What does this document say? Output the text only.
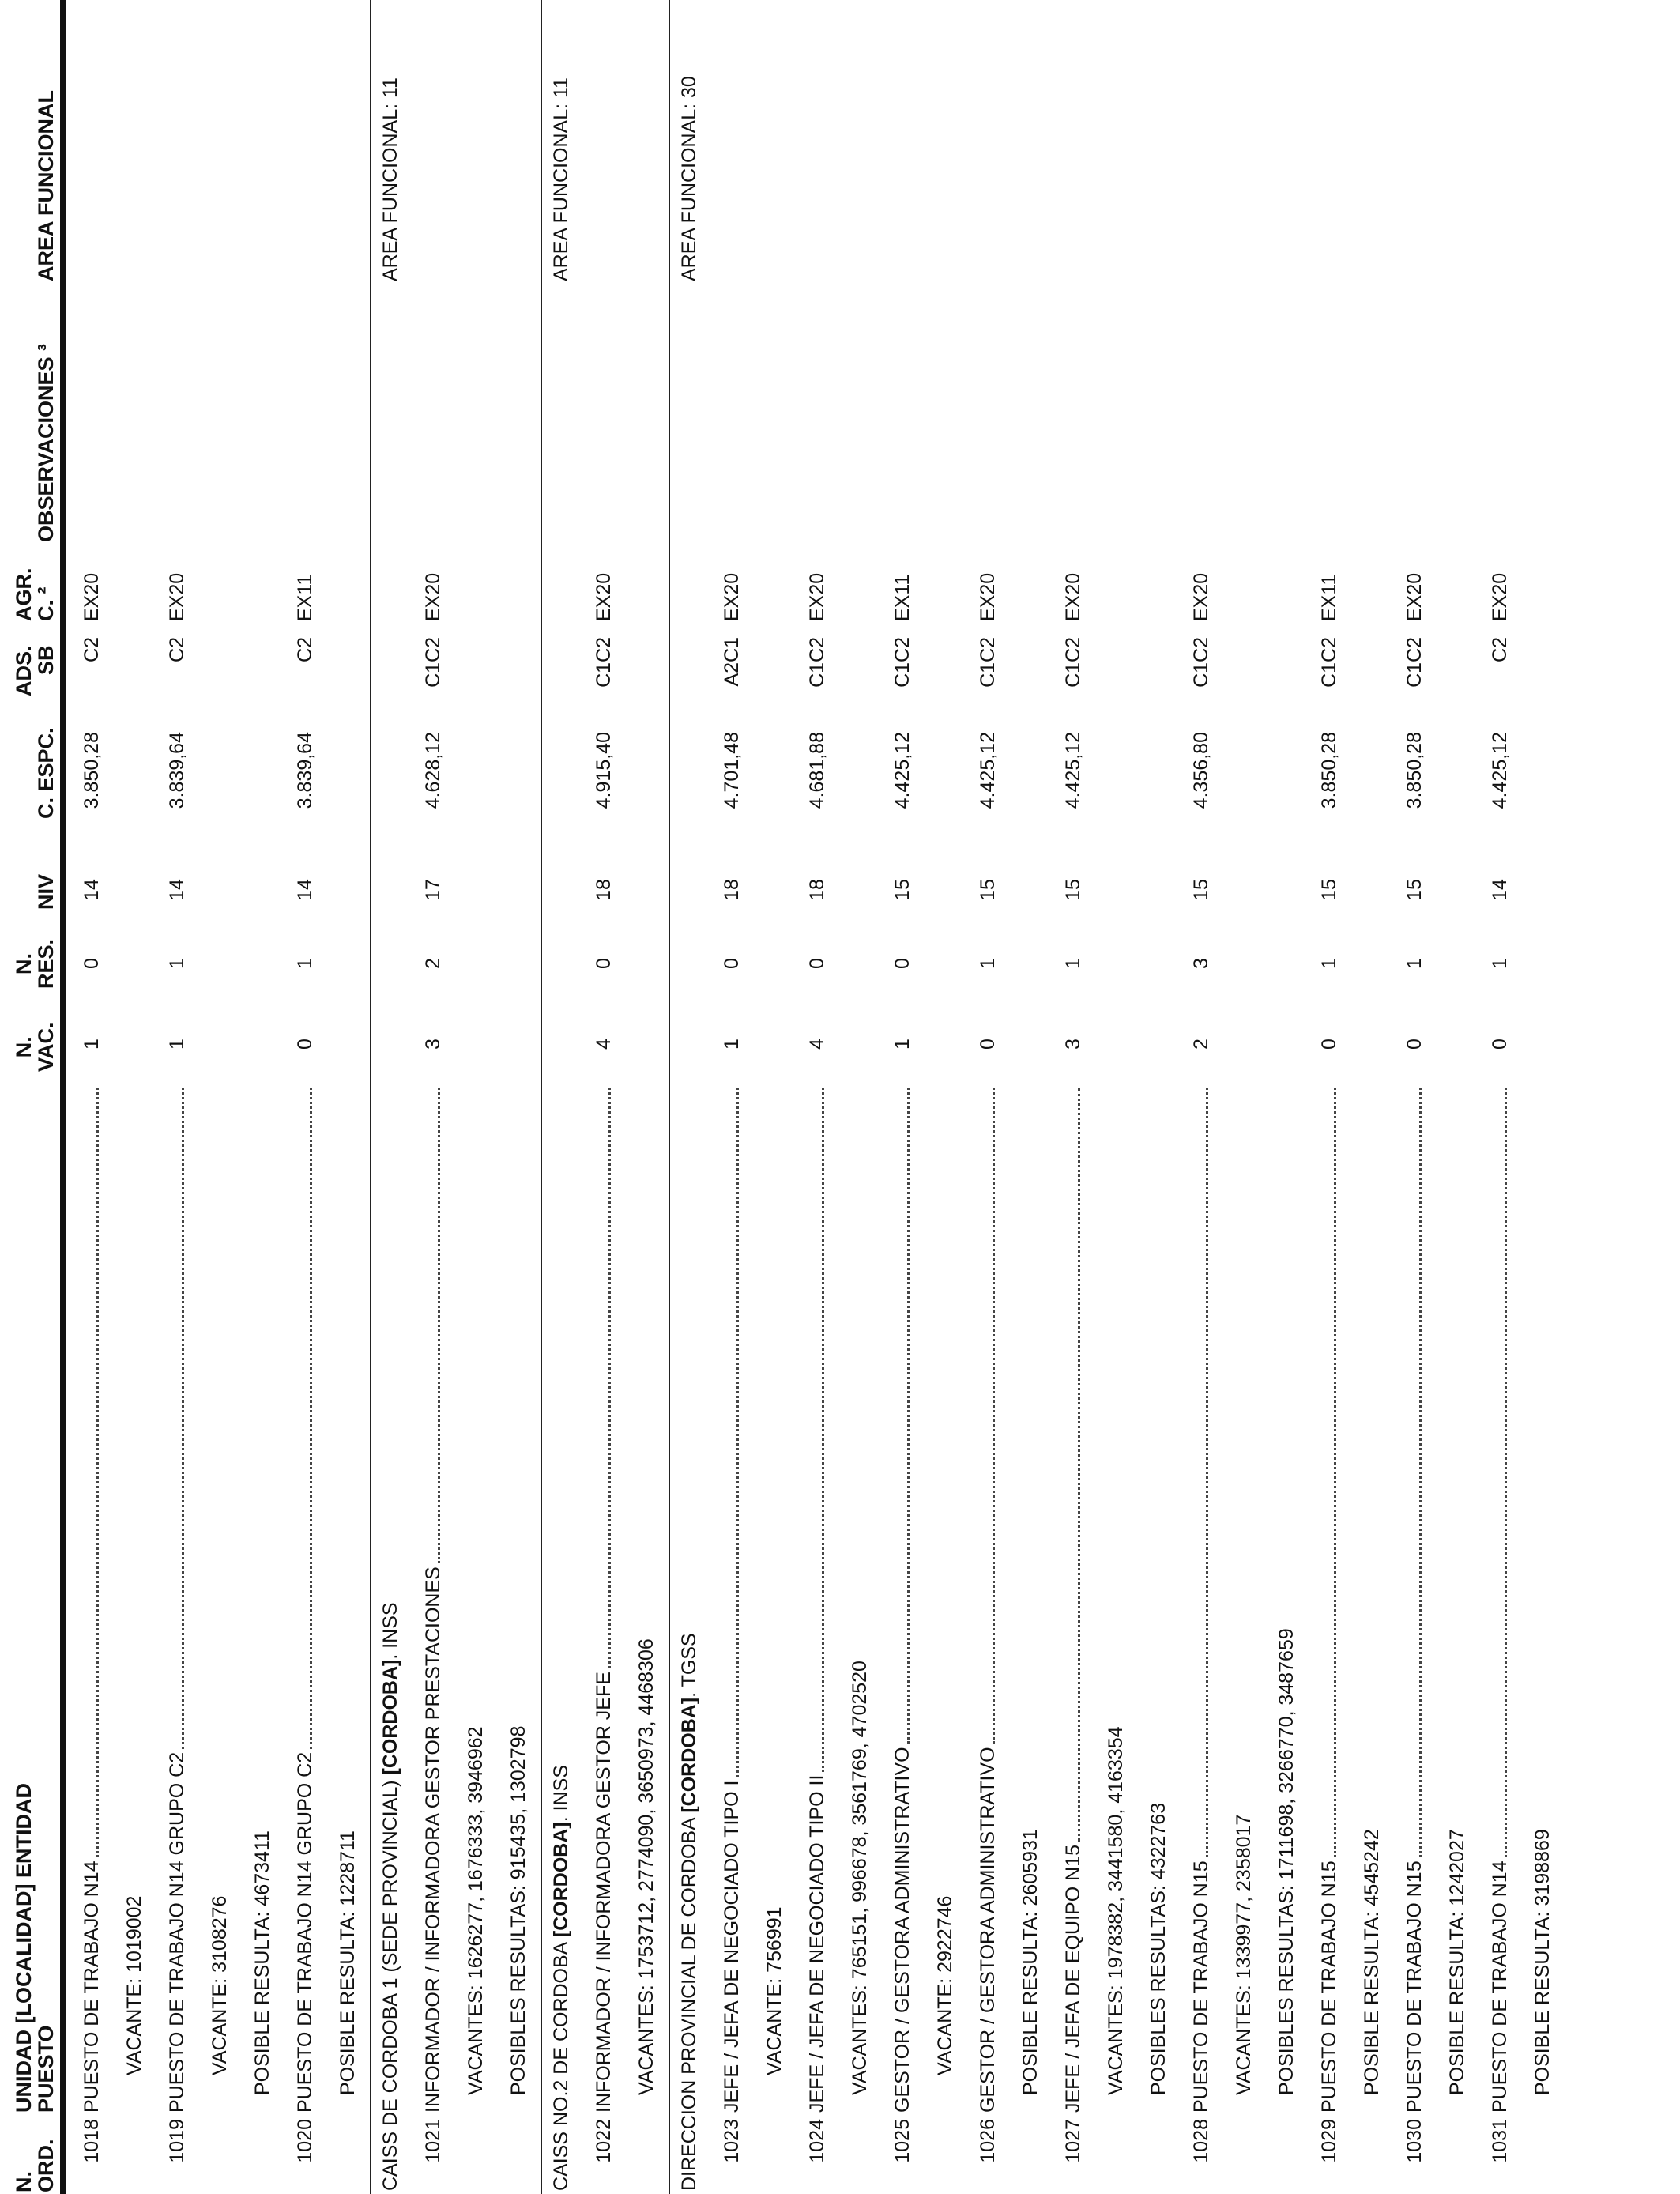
N.
ORD.
UNIDAD [LOCALIDAD] ENTIDAD
PUESTO
N.
VAC.
N.
RES.
NIV
C. ESPC.
ADS.
SB
AGR.
C. ²
OBSERVACIONES ³
AREA FUNCIONAL
1018
PUESTO DE TRABAJO N14
1
0
14
3.850,28
C2
EX20
VACANTE: 1019002
1019
PUESTO DE TRABAJO N14 GRUPO C2
1
1
14
3.839,64
C2
EX20
VACANTE: 3108276 POSIBLE RESULTA: 4673411
1020
PUESTO DE TRABAJO N14 GRUPO C2
0
1
14
3.839,64
C2
EX11
POSIBLE RESULTA: 1228711 CAISS DE CORDOBA 1 (SEDE PROVINCIAL) [CORDOBA]. INSS
AREA FUNCIONAL: 11
1021
INFORMADOR / INFORMADORA GESTOR PRESTACIONES
3
2
17
4.628,12
C1C2
EX20
VACANTES: 1626277, 1676333, 3946962 POSIBLES RESULTAS: 915435, 1302798 CAISS NO.2 DE CORDOBA [CORDOBA]. INSS
AREA FUNCIONAL: 11
1022
INFORMADOR / INFORMADORA GESTOR JEFE
4
0
18
4.915,40
C1C2
EX20
VACANTES: 1753712, 2774090, 3650973, 4468306 DIRECCION PROVINCIAL DE CORDOBA [CORDOBA]. TGSS
AREA FUNCIONAL: 30
1023
JEFE / JEFA DE NEGOCIADO TIPO I
1
0
18
4.701,48
A2C1
EX20
VACANTE: 756991
1024
JEFE / JEFA DE NEGOCIADO TIPO II
4
0
18
4.681,88
C1C2
EX20
VACANTES: 765151, 996678, 3561769, 4702520
1025
GESTOR / GESTORA ADMINISTRATIVO
1
0
15
4.425,12
C1C2
EX11
VACANTE: 2922746
1026
GESTOR / GESTORA ADMINISTRATIVO
0
1
15
4.425,12
C1C2
EX20
POSIBLE RESULTA: 2605931
1027
JEFE / JEFA DE EQUIPO N15
3
1
15
4.425,12
C1C2
EX20
VACANTES: 1978382, 3441580, 4163354 POSIBLES RESULTAS: 4322763
1028
PUESTO DE TRABAJO N15
2
3
15
4.356,80
C1C2
EX20
VACANTES: 1339977, 2358017 POSIBLES RESULTAS: 1711698, 3266770, 3487659
1029
PUESTO DE TRABAJO N15
0
1
15
3.850,28
C1C2
EX11
POSIBLE RESULTA: 4545242
1030
PUESTO DE TRABAJO N15
0
1
15
3.850,28
C1C2
EX20
POSIBLE RESULTA: 1242027
1031
PUESTO DE TRABAJO N14
0
1
14
4.425,12
C2
EX20
POSIBLE RESULTA: 3198869
